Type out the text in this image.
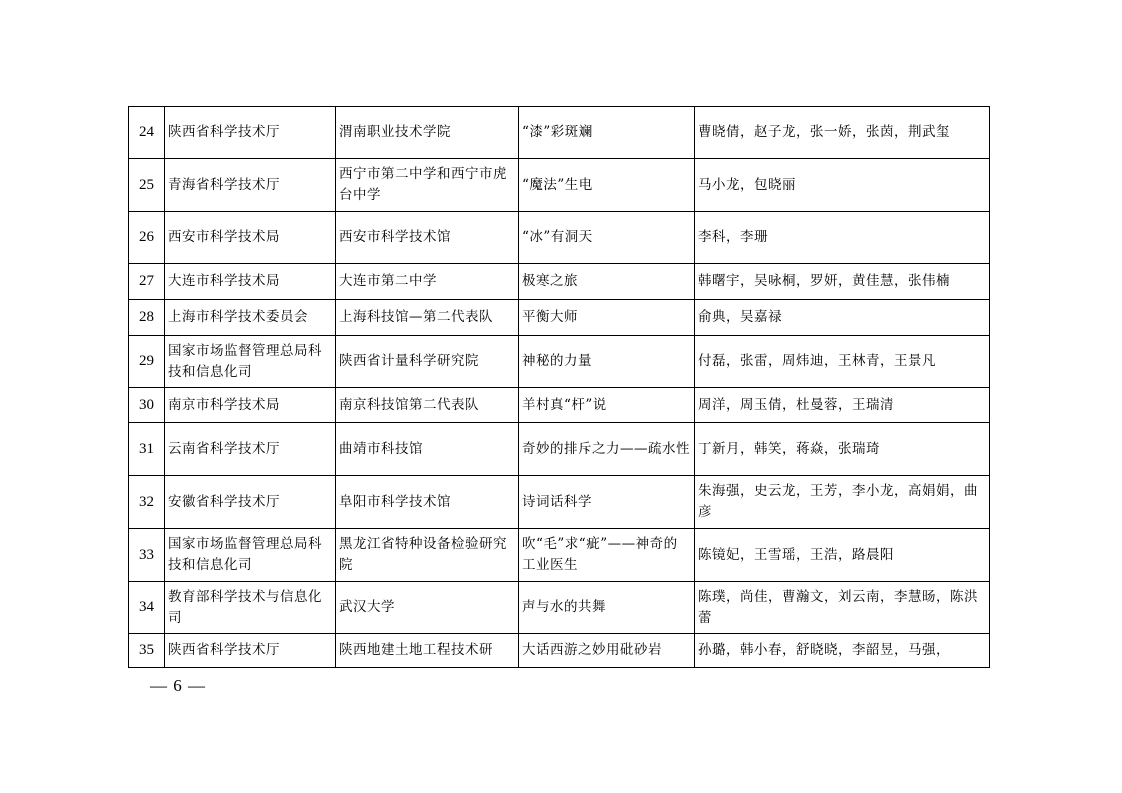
24	陕西省科学技术厅	渭南职业技术学院	“漆”彩斑斓	曹晓倩，赵子龙，张一娇，张茵，荆武玺
25	青海省科学技术厅	西宁市第二中学和西宁市虎台中学	“魔法”生电	马小龙，包晓丽
26	西安市科学技术局	西安市科学技术馆	“冰”有洞天	李科，李珊
27	大连市科学技术局	大连市第二中学	极寒之旅	韩曙宇，吴咏桐，罗妍，黄佳慧，张伟楠
28	上海市科学技术委员会	上海科技馆—第二代表队	平衡大师	俞典，吴嘉禄
29	国家市场监督管理总局科技和信息化司	陕西省计量科学研究院	神秘的力量	付磊，张雷，周炜迪，王林青，王景凡
30	南京市科学技术局	南京科技馆第二代表队	羊村真“杆”说	周洋，周玉倩，杜曼蓉，王瑞清
31	云南省科学技术厅	曲靖市科技馆	奇妙的排斥之力——疏水性	丁新月，韩笑，蒋焱，张瑞琦
32	安徽省科学技术厅	阜阳市科学技术馆	诗词话科学	朱海强，史云龙，王芳，李小龙，高娟娟，曲彦
33	国家市场监督管理总局科技和信息化司	黑龙江省特种设备检验研究院	吹“毛”求“疵”——神奇的工业医生	陈镜妃，王雪瑶，王浩，路晨阳
34	教育部科学技术与信息化司	武汉大学	声与水的共舞	陈璞，尚佳，曹瀚文，刘云南，李慧旸，陈洪蕾
35	陕西省科学技术厅	陕西地建土地工程技术研	大话西游之妙用砒砂岩	孙璐，韩小春，舒晓晓，李韶昱，马强，
— 6 —
